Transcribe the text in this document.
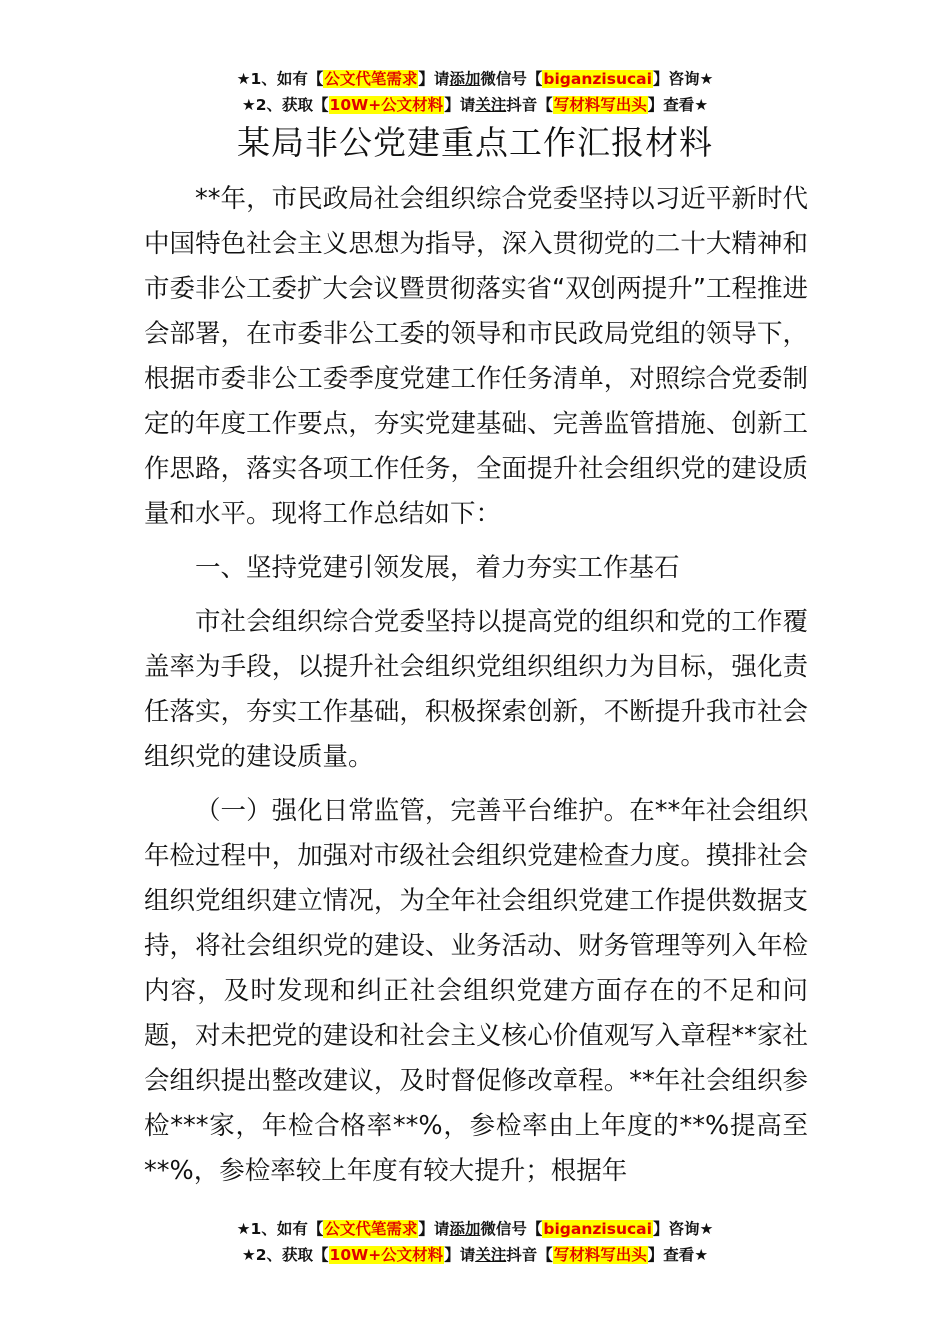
★1、如有【公文代笔需求】请添加微信号【biganzisucai】咨询★
★2、获取【10W+公文材料】请关注抖音【写材料写出头】查看★
某局非公党建重点工作汇报材料

**年，市民政局社会组织综合党委坚持以习近平新时代中国特色社会主义思想为指导，深入贯彻党的二十大精神和市委非公工委扩大会议暨贯彻落实省“双创两提升”工程推进会部署，在市委非公工委的领导和市民政局党组的领导下，根据市委非公工委季度党建工作任务清单，对照综合党委制定的年度工作要点，夯实党建基础、完善监管措施、创新工作思路，落实各项工作任务，全面提升社会组织党的建设质量和水平。现将工作总结如下：

一、坚持党建引领发展，着力夯实工作基石

市社会组织综合党委坚持以提高党的组织和党的工作覆盖率为手段，以提升社会组织党组织组织力为目标，强化责任落实，夯实工作基础，积极探索创新，不断提升我市社会组织党的建设质量。

（一）强化日常监管，完善平台维护。在**年社会组织年检过程中，加强对市级社会组织党建检查力度。摸排社会组织党组织建立情况，为全年社会组织党建工作提供数据支持，将社会组织党的建设、业务活动、财务管理等列入年检内容，及时发现和纠正社会组织党建方面存在的不足和问题，对未把党的建设和社会主义核心价值观写入章程**家社会组织提出整改建议，及时督促修改章程。**年社会组织参检***家，年检合格率**%，参检率由上年度的**%提高至**%，参检率较上年度有较大提升；根据年

★1、如有【公文代笔需求】请添加微信号【biganzisucai】咨询★
★2、获取【10W+公文材料】请关注抖音【写材料写出头】查看★
